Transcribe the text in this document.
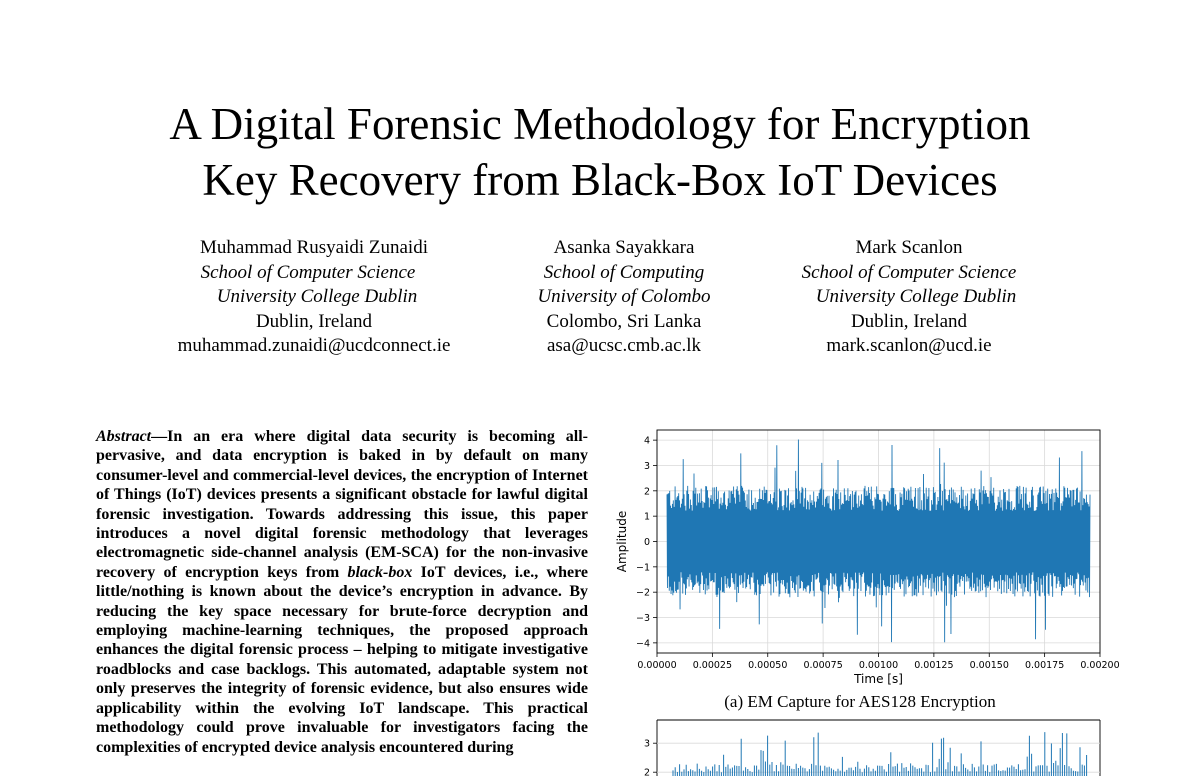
A Digital Forensic Methodology for Encryption
Key Recovery from Black-Box IoT Devices
Muhammad Rusyaidi Zunaidi
School of Computer Science
University College Dublin
Dublin, Ireland
muhammad.zunaidi@ucdconnect.ie
Asanka Sayakkara
School of Computing
University of Colombo
Colombo, Sri Lanka
asa@ucsc.cmb.ac.lk
Mark Scanlon
School of Computer Science
University College Dublin
Dublin, Ireland
mark.scanlon@ucd.ie

Abstract—In an era where digital data security is becoming all-pervasive, and data encryption is baked in by default on many consumer-level and commercial-level devices, the encryption of Internet of Things (IoT) devices presents a significant obstacle for lawful digital forensic investigation. Towards addressing this issue, this paper introduces a novel digital forensic methodology that leverages electromagnetic side-channel analysis (EM-SCA) for the non-invasive recovery of encryption keys from black-box IoT devices, i.e., where little/nothing is known about the device’s encryption in advance. By reducing the key space necessary for brute-force decryption and employing machine-learning techniques, the proposed approach enhances the digital forensic process – helping to mitigate investigative roadblocks and case backlogs. This automated, adaptable system not only preserves the integrity of forensic evidence, but also ensures wide applicability within the evolving IoT landscape. This practical methodology could prove invaluable for investigators facing the complexities of encrypted device analysis encountered during

0.00000 0.00025 0.00050 0.00075 0.00100 0.00125 0.00150 0.00175 0.00200
−4
−3
−2
−1
0
1
2
3
4
Time [s]
Amplitude
2
3
(a) EM Capture for AES128 Encryption
